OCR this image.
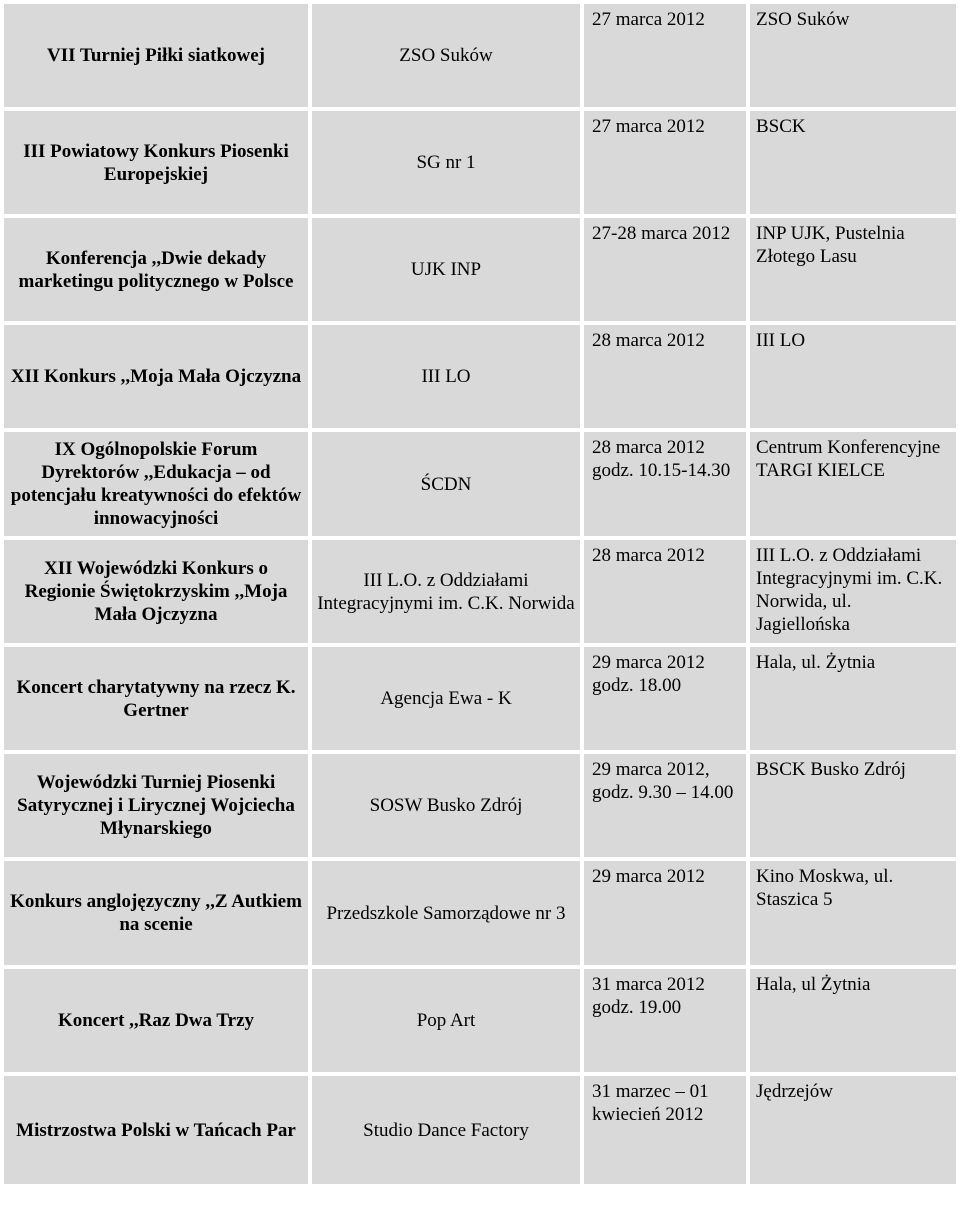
VII Turniej Piłki siatkowej	ZSO Suków	27 marca 2012	ZSO Suków
III Powiatowy Konkurs Piosenki Europejskiej	SG nr 1	27 marca 2012	BSCK
Konferencja ,,Dwie dekady marketingu politycznego w Polsce	UJK INP	27-28 marca 2012	INP UJK, Pustelnia Złotego Lasu
XII Konkurs ,,Moja Mała Ojczyzna	III LO	28 marca 2012	III LO
IX Ogólnopolskie Forum Dyrektorów ,,Edukacja – od potencjału kreatywności do efektów innowacyjności	ŚCDN	28 marca 2012 godz. 10.15-14.30	Centrum Konferencyjne TARGI KIELCE
XII Wojewódzki Konkurs o Regionie Świętokrzyskim ,,Moja Mała Ojczyzna	III L.O. z Oddziałami Integracyjnymi im. C.K. Norwida	28 marca 2012	III L.O. z Oddziałami Integracyjnymi im. C.K. Norwida, ul. Jagiellońska
Koncert charytatywny na rzecz K. Gertner	Agencja Ewa - K	29 marca 2012 godz. 18.00	Hala, ul. Żytnia
Wojewódzki Turniej Piosenki Satyrycznej i Lirycznej Wojciecha Młynarskiego	SOSW Busko Zdrój	29 marca 2012, godz. 9.30 – 14.00	BSCK Busko Zdrój
Konkurs anglojęzyczny ,,Z Autkiem na scenie	Przedszkole Samorządowe nr 3	29 marca 2012	Kino Moskwa, ul. Staszica 5
Koncert ,,Raz Dwa Trzy	Pop Art	31 marca 2012 godz. 19.00	Hala, ul Żytnia
Mistrzostwa Polski w Tańcach Par	Studio Dance Factory	31 marzec – 01 kwiecień 2012	Jędrzejów
